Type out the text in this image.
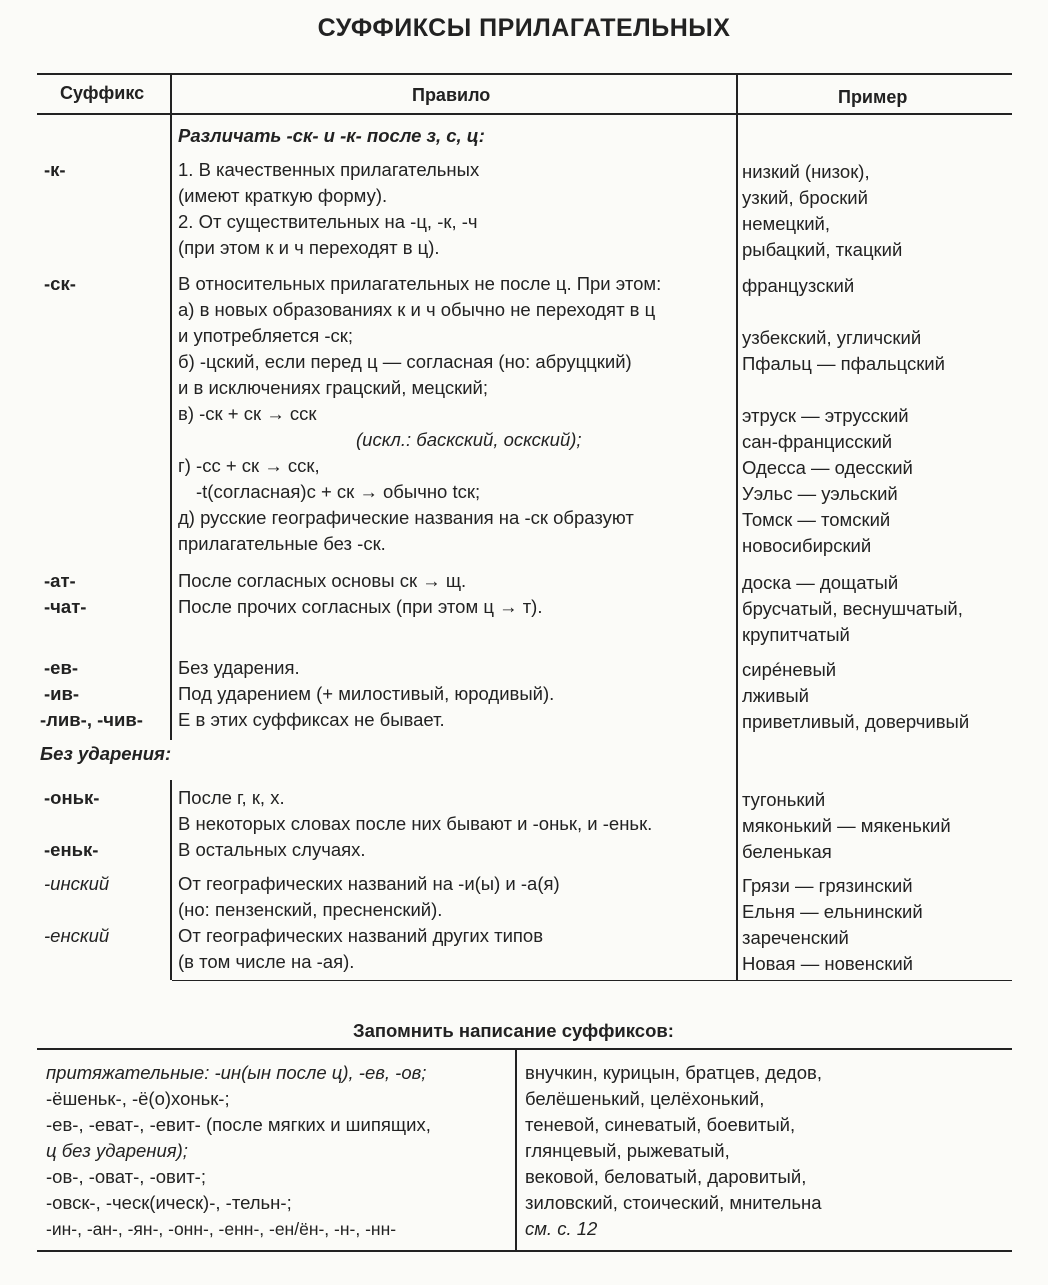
СУФФИКСЫ ПРИЛАГАТЕЛЬНЫХ
Суффикс	Правило	Пример
Различать -ск- и -к- после з, с, ц:
-к-
-ск-
-ат-
-чат-
-ев-
-ив-
-лив-, -чив-
Без ударения:
-оньк-
-еньк-
-инский
-енский
1. В качественных прилагательных
(имеют краткую форму).
2. От существительных на -ц, -к, -ч
(при этом к и ч переходят в ц).
В относительных прилагательных не после ц. При этом:
а) в новых образованиях к и ч обычно не переходят в ц
и употребляется -ск;
б) -цский, если перед ц — согласная (но: абруццкий)
и в исключениях грацский, мецский;
в) -ск + ск → сск
(искл.: баскский, оскский);
г) -сс + ск → сск,
-t(согласная)с + ск → обычно tск;
д) русские географические названия на -ск образуют
прилагательные без -ск.
После согласных основы ск → щ.
После прочих согласных (при этом ц → т).
Без ударения.
Под ударением (+ милостивый, юродивый).
Е в этих суффиксах не бывает.
После г, к, х.
В некоторых словах после них бывают и -оньк, и -еньк.
В остальных случаях.
От географических названий на -и(ы) и -а(я)
(но: пензенский, пресненский).
От географических названий других типов
(в том числе на -ая).
низкий (низок),
узкий, броский
немецкий,
рыбацкий, ткацкий
французский
узбекский, угличский
Пфальц — пфальцский
этруск — этрусский
сан-францисский
Одесса — одесский
Уэльс — уэльский
Томск — томский
новосибирский
доска — дощатый
брусчатый, веснушчатый,
крупитчатый
сирéневый
лживый
приветливый, доверчивый
тугонький
мяконький — мякенький
беленькая
Грязи — грязинский
Ельня — ельнинский
зареченский
Новая — новенский
Запомнить написание суффиксов:
притяжательные: -ин(ын после ц), -ев, -ов;
-ёшеньк-, -ё(о)хоньк-;
-ев-, -еват-, -евит- (после мягких и шипящих,
ц без ударения);
-ов-, -оват-, -овит-;
-овск-, -ческ(ическ)-, -тельн-;
-ин-, -ан-, -ян-, -онн-, -енн-, -ен/ён-, -н-, -нн-
внучкин, курицын, братцев, дедов,
белёшенький, целёхонький,
теневой, синеватый, боевитый,
глянцевый, рыжеватый,
вековой, беловатый, даровитый,
зиловский, стоический, мнительна
см. с. 12
